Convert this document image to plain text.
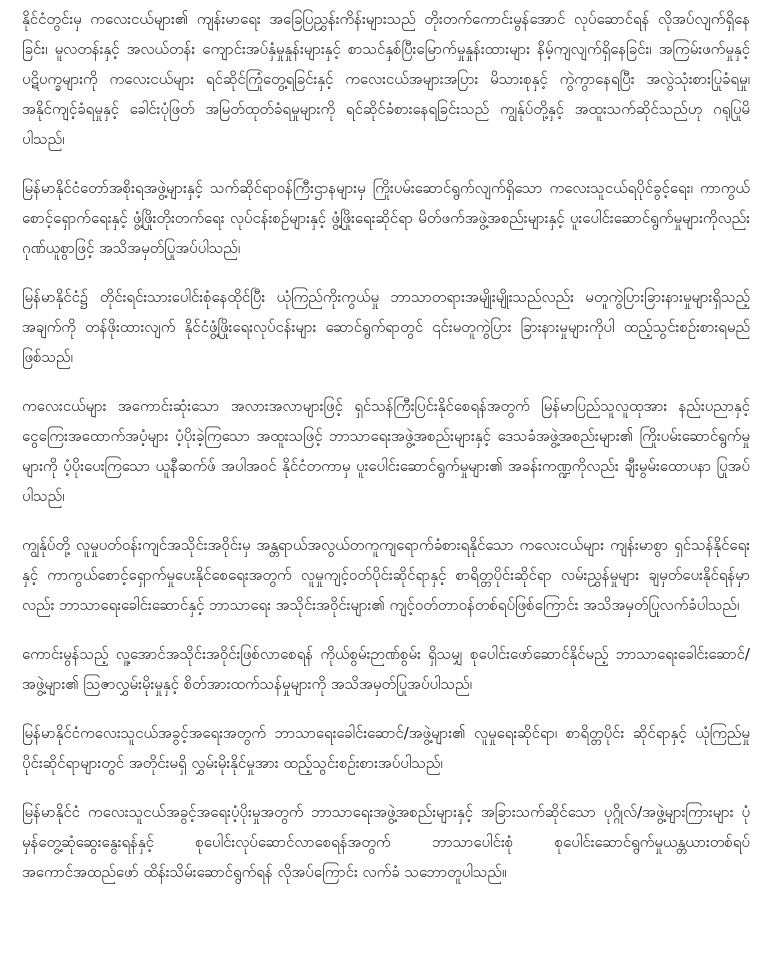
နိုင်ငံတွင်းမှ ကလေးငယ်များ၏ ကျန်းမာရေး အခြေပြညွှန်းကိန်းများသည် တိုးတက်ကောင်းမွန်အောင် လုပ်ဆောင်ရန် လိုအပ်လျက်ရှိနေခြင်း၊ မူလတန်းနှင့် အလယ်တန်း ကျောင်းအပ်နှံမှုနှုန်းများနှင့် စာသင်နှစ်ပြီးမြောက်မှုနှုန်းထားများ နိမ့်ကျလျက်ရှိနေခြင်း၊ အကြမ်းဖက်မှုနှင့် ပဋိပက္ခများကို ကလေးငယ်များ ရင်ဆိုင်ကြုံတွေ့ရခြင်းနှင့် ကလေးငယ်အများအပြား မိသားစုနှင့် ကွဲကွာနေရပြီး အလွဲသုံးစားပြုခံရမှု၊ အနိုင်ကျင့်ခံရမှုနှင့် ခေါင်းပုံဖြတ် အမြတ်ထုတ်ခံရမှုများကို ရင်ဆိုင်ခံစားနေရခြင်းသည် ကျွန်ုပ်တို့နှင့် အထူးသက်ဆိုင်သည်ဟု ဂရုပြုမိပါသည်၊

မြန်မာနိုင်ငံတော်အစိုးရအဖွဲ့များနှင့် သက်ဆိုင်ရာဝန်ကြီးဌာနများမှ ကြိုးပမ်းဆောင်ရွက်လျက်ရှိသော ကလေးသူငယ်ရပိုင်ခွင့်ရေး၊ ကာကွယ်စောင့်ရှောက်ရေးနှင့် ဖွံ့ဖြိုးတိုးတက်ရေး လုပ်ငန်းစဉ်များနှင့် ဖွံ့ဖြိုးရေးဆိုင်ရာ မိတ်ဖက်အဖွဲ့အစည်းများနှင့် ပူးပေါင်းဆောင်ရွက်မှုများကိုလည်း ဂုဏ်ယူစွာဖြင့် အသိအမှတ်ပြုအပ်ပါသည်၊

မြန်မာနိုင်ငံ၌ တိုင်းရင်းသားပေါင်းစုံနေထိုင်ပြီး ယုံကြည်ကိုးကွယ်မှု ဘာသာတရားအမျိုးမျိုးသည်လည်း မတူကွဲပြားခြားနားမှုများရှိသည့်အချက်ကို တန်ဖိုးထားလျက် နိုင်ငံဖွံ့ဖြိုးရေးလုပ်ငန်းများ ဆောင်ရွက်ရာတွင် ၎င်းမတူကွဲပြား ခြားနားမှုများကိုပါ ထည့်သွင်းစဉ်းစားရမည်ဖြစ်သည်၊

ကလေးငယ်များ အကောင်းဆုံးသော အလားအလာများဖြင့် ရှင်သန်ကြီးပြင်းနိုင်စေရန်အတွက် မြန်မာပြည်သူလူထုအား နည်းပညာနှင့် ငွေကြေးအထောက်အပံ့များ ပံ့ပိုးခဲ့ကြသော အထူးသဖြင့် ဘာသာရေးအဖွဲ့အစည်းများနှင့် ဒေသခံအဖွဲ့အစည်းများ၏ ကြိုးပမ်းဆောင်ရွက်မှုများကို ပံ့ပိုးပေးကြသော ယူနီဆက်ဖ် အပါအဝင် နိုင်ငံတကာမှ ပူးပေါင်းဆောင်ရွက်မှုများ၏ အခန်းကဏ္ဍကိုလည်း ချီးမွမ်းထောပနာ ပြုအပ်ပါသည်၊

ကျွန်ုပ်တို့ လူမှုပတ်ဝန်းကျင်အသိုင်းအဝိုင်းမှ အန္တရာယ်အလွယ်တကူကျရောက်ခံစားရနိုင်သော ကလေးငယ်များ ကျန်းမာစွာ ရှင်သန်နိုင်ရေးနှင့် ကာကွယ်စောင့်ရှောက်မှုပေးနိုင်စေရေးအတွက် လူမှုကျင့်ဝတ်ပိုင်းဆိုင်ရာနှင့် စာရိတ္တပိုင်းဆိုင်ရာ လမ်းညွှန်မှုများ ချမှတ်ပေးနိုင်ရန်မှာလည်း ဘာသာရေးခေါင်းဆောင်နှင့် ဘာသာရေး အသိုင်းအဝိုင်းများ၏ ကျင့်ဝတ်တာဝန်တစ်ရပ်ဖြစ်ကြောင်း အသိအမှတ်ပြုလက်ခံပါသည်၊

ကောင်းမွန်သည့် လူ့အောင်အသိုင်းအဝိုင်းဖြစ်လာစေရန် ကိုယ်စွမ်းဉာဏ်စွမ်း ရှိသမျှ စုပေါင်းဖော်ဆောင်နိုင်မည့် ဘာသာရေးခေါင်းဆောင်/အဖွဲ့များ၏ သြဇာလွှမ်းမိုးမှုနှင့် စိတ်အားထက်သန်မှုများကို အသိအမှတ်ပြုအပ်ပါသည်၊

မြန်မာနိုင်ငံကလေးသူငယ်အခွင့်အရေးအတွက် ဘာသာရေးခေါင်းဆောင်/အဖွဲ့များ၏ လူမှုရေးဆိုင်ရာ၊ စာရိတ္တပိုင်း ဆိုင်ရာနှင့် ယုံကြည်မှုပိုင်းဆိုင်ရာများတွင် အတိုင်းမရှိ လွှမ်းမိုးနိုင်မှုအား ထည့်သွင်းစဉ်းစားအပ်ပါသည်၊

မြန်မာနိုင်ငံ ကလေးသူငယ်အခွင့်အရေးပံ့ပိုးမှုအတွက် ဘာသာရေးအဖွဲ့အစည်းများနှင့် အခြားသက်ဆိုင်သော ပုဂ္ဂိုလ်/အဖွဲ့များကြားများ ပုံမှန်တွေ့ဆုံဆွေးနွေးရန်နှင့် စုပေါင်းလုပ်ဆောင်လာစေရန်အတွက် ဘာသာပေါင်းစုံ စုပေါင်းဆောင်ရွက်မှုယန္တယားတစ်ရပ် အကောင်အထည်ဖော် ထိန်းသိမ်းဆောင်ရွက်ရန် လိုအပ်ကြောင်း လက်ခံ သဘောတူပါသည်။
